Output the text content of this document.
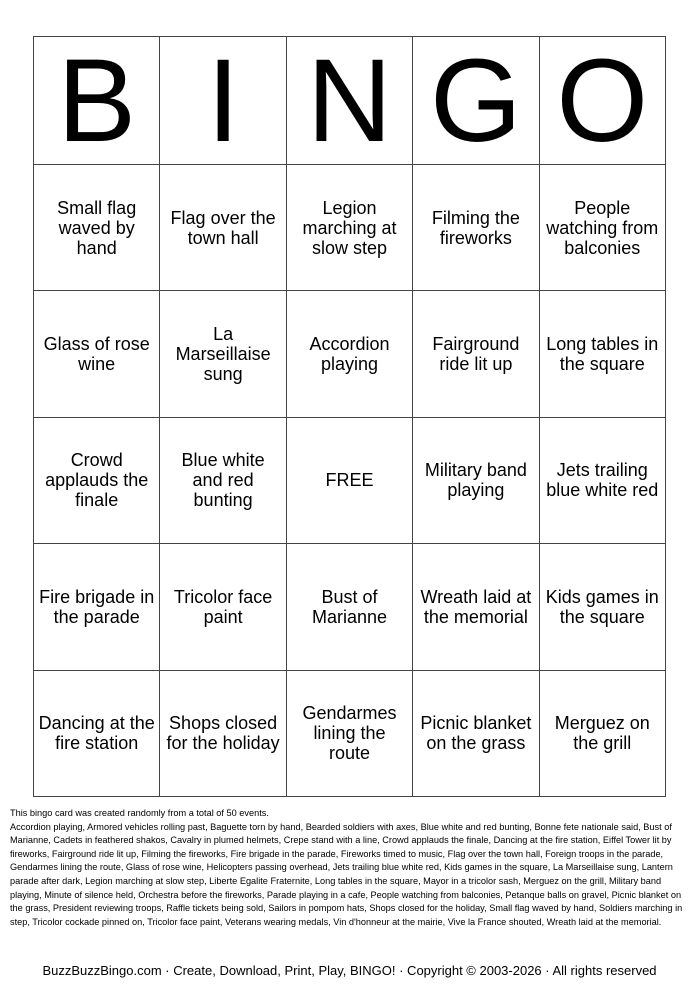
B	I	N	G	O
Small flag waved by hand	Flag over the town hall	Legion marching at slow step	Filming the fireworks	People watching from balconies
Glass of rose wine	La Marseillaise sung	Accordion playing	Fairground ride lit up	Long tables in the square
Crowd applauds the finale	Blue white and red bunting	FREE	Military band playing	Jets trailing blue white red
Fire brigade in the parade	Tricolor face paint	Bust of Marianne	Wreath laid at the memorial	Kids games in the square
Dancing at the fire station	Shops closed for the holiday	Gendarmes lining the route	Picnic blanket on the grass	Merguez on the grill

This bingo card was created randomly from a total of 50 events.

Accordion playing, Armored vehicles rolling past, Baguette torn by hand, Bearded soldiers with axes, Blue white and red bunting, Bonne fete nationale said, Bust of Marianne, Cadets in feathered shakos, Cavalry in plumed helmets, Crepe stand with a line, Crowd applauds the finale, Dancing at the fire station, Eiffel Tower lit by fireworks, Fairground ride lit up, Filming the fireworks, Fire brigade in the parade, Fireworks timed to music, Flag over the town hall, Foreign troops in the parade, Gendarmes lining the route, Glass of rose wine, Helicopters passing overhead, Jets trailing blue white red, Kids games in the square, La Marseillaise sung, Lantern parade after dark, Legion marching at slow step, Liberte Egalite Fraternite, Long tables in the square, Mayor in a tricolor sash, Merguez on the grill, Military band playing, Minute of silence held, Orchestra before the fireworks, Parade playing in a cafe, People watching from balconies, Petanque balls on gravel, Picnic blanket on the grass, President reviewing troops, Raffle tickets being sold, Sailors in pompom hats, Shops closed for the holiday, Small flag waved by hand, Soldiers marching in step, Tricolor cockade pinned on, Tricolor face paint, Veterans wearing medals, Vin d'honneur at the mairie, Vive la France shouted, Wreath laid at the memorial.

BuzzBuzzBingo.com · Create, Download, Print, Play, BINGO! · Copyright © 2003-2026 · All rights reserved
